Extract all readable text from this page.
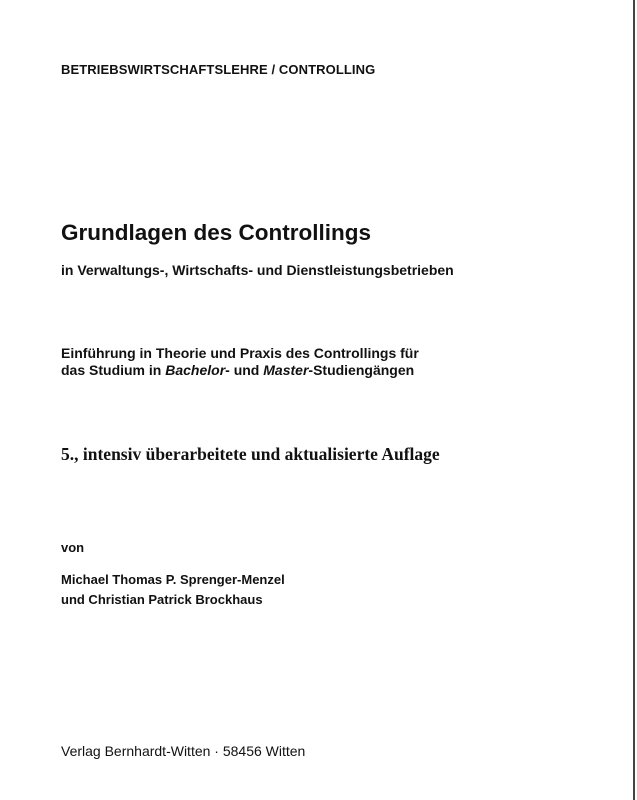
BETRIEBSWIRTSCHAFTSLEHRE / CONTROLLING
Grundlagen des Controllings
in Verwaltungs-, Wirtschafts- und Dienstleistungsbetrieben
Einführung in Theorie und Praxis des Controllings für
das Studium in Bachelor- und Master-Studiengängen
5., intensiv überarbeitete und aktualisierte Auflage
von
Michael Thomas P. Sprenger-Menzel
und Christian Patrick Brockhaus
Verlag Bernhardt-Witten · 58456 Witten
